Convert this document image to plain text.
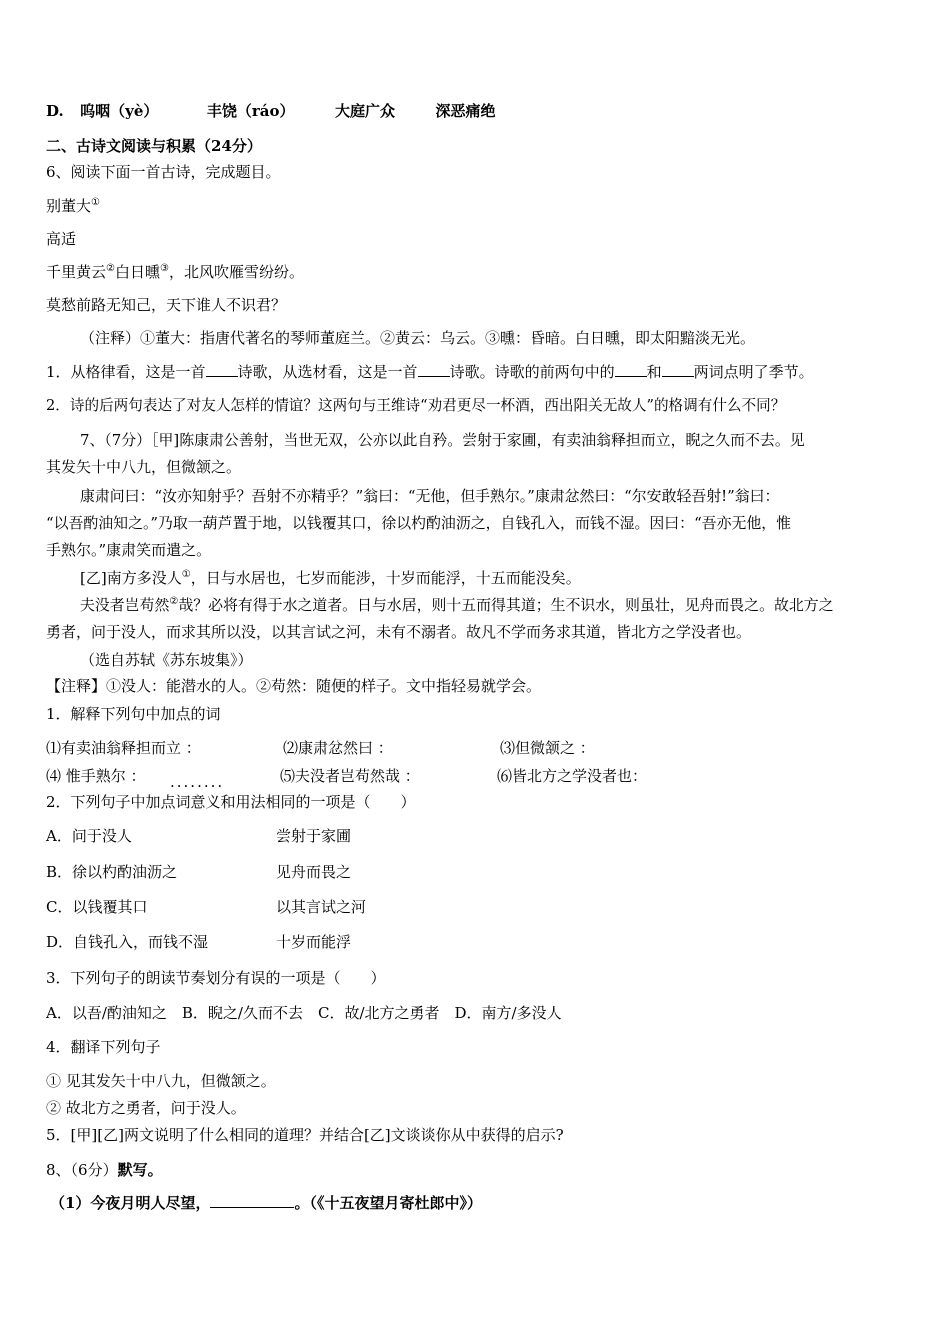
D. 呜咽（yè）	丰饶（ráo）	大庭广众	深恶痛绝
二、古诗文阅读与积累（24分）
6、阅读下面一首古诗，完成题目。
别董大①
高适
千里黄云②白日曛③，北风吹雁雪纷纷。
莫愁前路无知己，天下谁人不识君？
（注释）①董大：指唐代著名的琴师董庭兰。②黄云：乌云。③曛：昏暗。白日曛，即太阳黯淡无光。
1．从格律看，这是一首 诗歌，从选材看，这是一首 诗歌。诗歌的前两句中的 和 两词点明了季节。
2．诗的后两句表达了对友人怎样的情谊？这两句与王维诗“劝君更尽一杯酒，西出阳关无故人”的格调有什么不同？
7、（7分）［甲]陈康肃公善射，当世无双，公亦以此自矜。尝射于家圃，有卖油翁释担而立，睨之久而不去。见
其发矢十中八九，但微颔之。
康肃问曰：“汝亦知射乎？吾射不亦精乎？”翁曰：“无他，但手熟尔。”康肃忿然曰：“尔安敢轻吾射!”翁曰：
“以吾酌油知之。”乃取一葫芦置于地，以钱覆其口，徐以杓酌油沥之，自钱孔入，而钱不湿。因曰：“吾亦无他，惟
手熟尔。”康肃笑而遣之。
[乙]南方多没人①，日与水居也，七岁而能涉，十岁而能浮，十五而能没矣。
夫没者岂苟然②哉？必将有得于水之道者。日与水居，则十五而得其道；生不识水，则虽壮，见舟而畏之。故北方之
勇者，问于没人，而求其所以没，以其言试之河，未有不溺者。故凡不学而务求其道，皆北方之学没者也。
（选自苏轼《苏东坡集》）
【注释】①没人：能潜水的人。②苟然：随便的样子。文中指轻易就学会。
1．解释下列句中加点的词
⑴有卖油翁释担而立 ：	⑵康肃忿然曰 ：	⑶但微颔之 ：
⑷ 惟手熟尔 ： ........	⑸夫没者岂苟然哉 ：	⑹皆北方之学没者也：
2．下列句子中加点词意义和用法相同的一项是（　　）
A．问于没人	尝射于家圃
B．徐以杓酌油沥之	见舟而畏之
C．以钱覆其口	以其言试之河
D．自钱孔入，而钱不湿	十岁而能浮
3．下列句子的朗读节奏划分有误的一项是（　　）
A．以吾/酌油知之　B．睨之/久而不去　C．故/北方之勇者　D．南方/多没人
4．翻译下列句子
① 见其发矢十中八九，但微颔之。
② 故北方之勇者，问于没人。
5．[甲][乙]两文说明了什么相同的道理？并结合[乙]文谈谈你从中获得的启示?
8、（6分）默写。
（1）今夜月明人尽望，	。（《十五夜望月寄杜郎中》）
